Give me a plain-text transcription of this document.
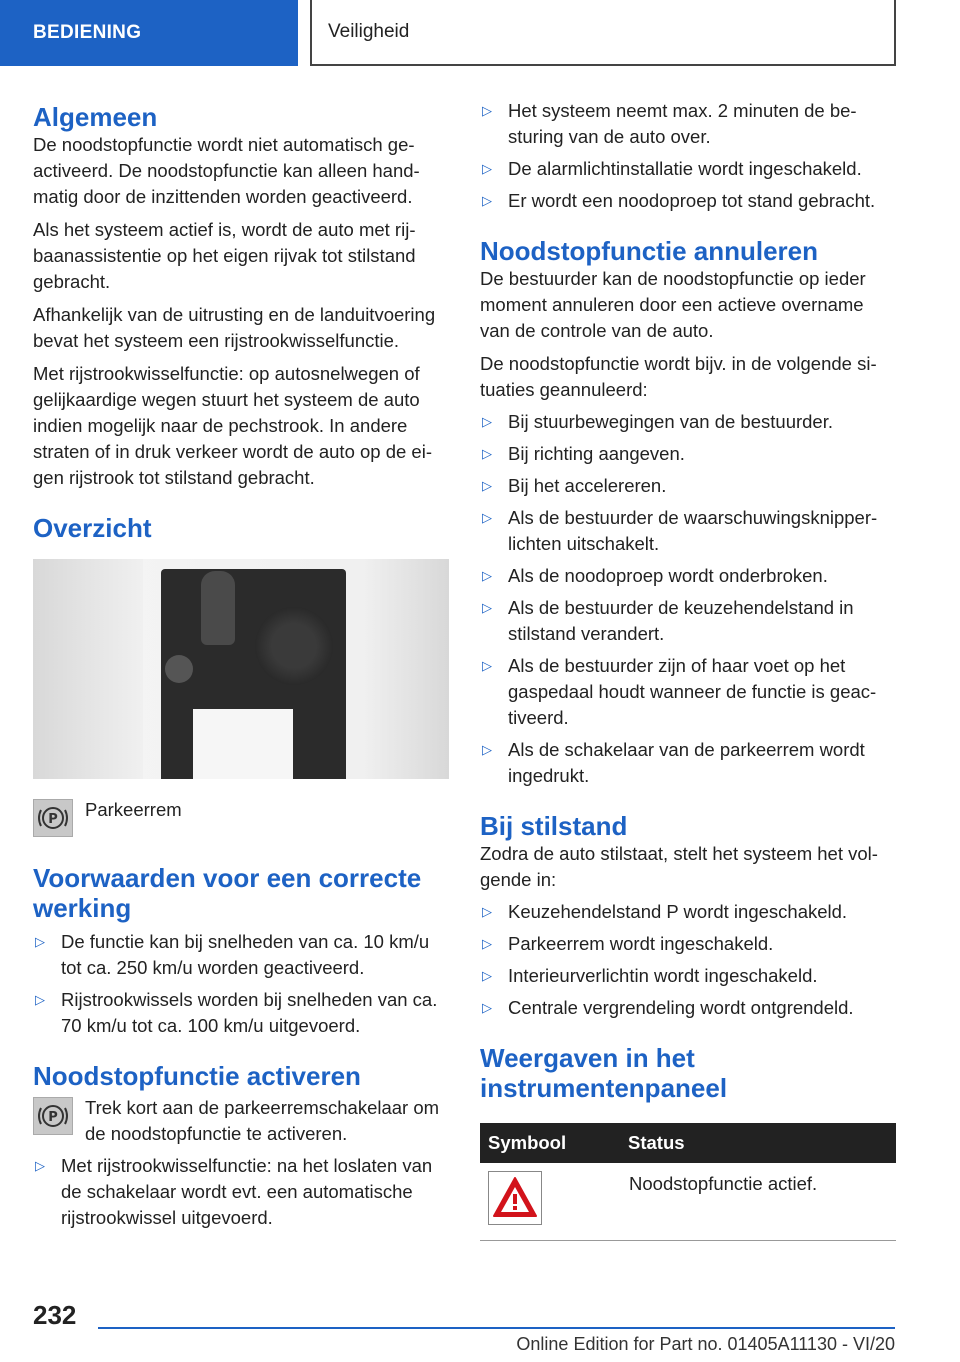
BEDIENING	Veiligheid
Algemeen

De noodstopfunctie wordt niet automatisch ge-activeerd. De noodstopfunctie kan alleen hand-matig door de inzittenden worden geactiveerd.

Als het systeem actief is, wordt de auto met rij-baanassistentie op het eigen rijvak tot stilstand gebracht.

Afhankelijk van de uitrusting en de landuitvoering bevat het systeem een rijstrookwisselfunctie.

Met rijstrookwisselfunctie: op autosnelwegen of gelijkaardige wegen stuurt het systeem de auto indien mogelijk naar de pechstrook. In andere straten of in druk verkeer wordt de auto op de ei-gen rijstrook tot stilstand gebracht.

Overzicht
P	Parkeerrem
Voorwaarden voor een correcte werking
▷ De functie kan bij snelheden van ca. 10 km/u tot ca. 250 km/u worden geactiveerd.
▷ Rijstrookwissels worden bij snelheden van ca. 70 km/u tot ca. 100 km/u uitgevoerd.
Noodstopfunctie activeren
P	Trek kort aan de parkeerremschakelaar om de noodstopfunctie te activeren.
▷ Met rijstrookwisselfunctie: na het loslaten van de schakelaar wordt evt. een automatische rijstrookwissel uitgevoerd.
▷ Het systeem neemt max. 2 minuten de be-sturing van de auto over.
▷ De alarmlichtinstallatie wordt ingeschakeld.
▷ Er wordt een noodoproep tot stand gebracht.
Noodstopfunctie annuleren

De bestuurder kan de noodstopfunctie op ieder moment annuleren door een actieve overname van de controle van de auto.

De noodstopfunctie wordt bijv. in de volgende si-tuaties geannuleerd:

▷ Bij stuurbewegingen van de bestuurder.
▷ Bij richting aangeven.
▷ Bij het accelereren.
▷ Als de bestuurder de waarschuwingsknipper-lichten uitschakelt.
▷ Als de noodoproep wordt onderbroken.
▷ Als de bestuurder de keuzehendelstand in stilstand verandert.
▷ Als de bestuurder zijn of haar voet op het gaspedaal houdt wanneer de functie is geac-tiveerd.
▷ Als de schakelaar van de parkeerrem wordt ingedrukt.
Bij stilstand

Zodra de auto stilstaat, stelt het systeem het vol-gende in:

▷ Keuzehendelstand P wordt ingeschakeld.
▷ Parkeerrem wordt ingeschakeld.
▷ Interieurverlichtin wordt ingeschakeld.
▷ Centrale vergrendeling wordt ontgrendeld.
Weergaven in het instrumentenpaneel
Symbool	Status

	Noodstopfunctie actief.
232
Online Edition for Part no. 01405A11130 - VI/20
